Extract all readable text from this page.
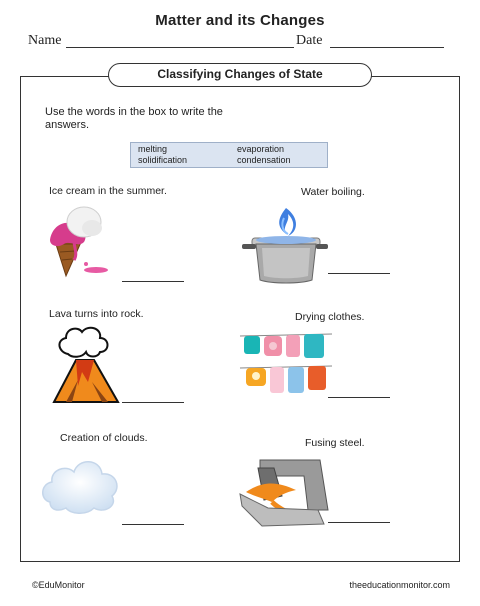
Matter and its Changes
Name	Date
Classifying Changes of State
Use the words in the box to write the answers.
melting	evaporation
solidification	condensation
Ice cream in the summer.	Water boiling.
Lava turns into rock.	Drying clothes.
Creation of clouds.	Fusing steel.
©EduMonitor	theeducationmonitor.com
